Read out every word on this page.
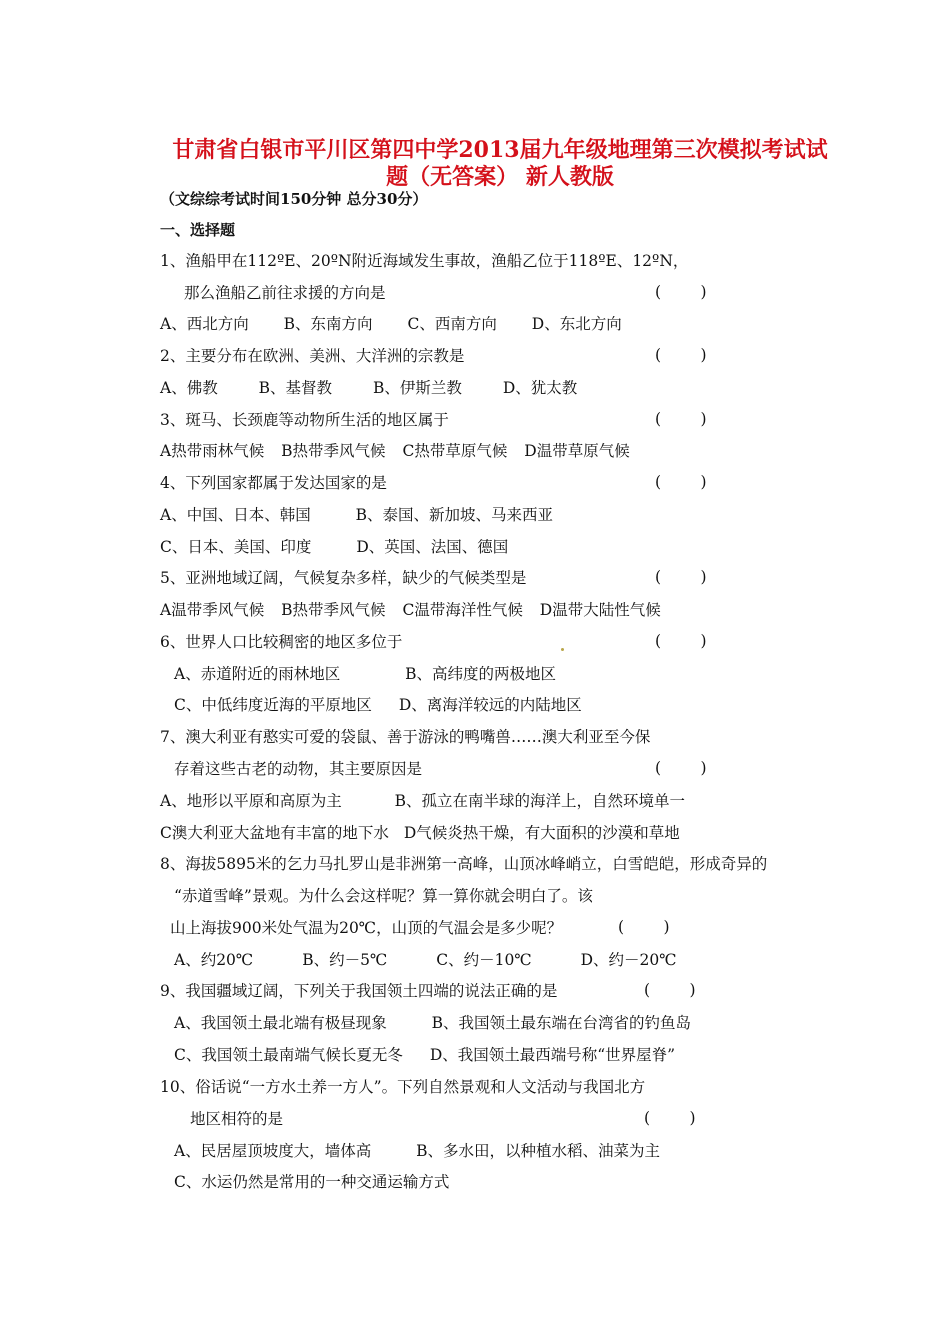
甘肃省白银市平川区第四中学2013届九年级地理第三次模拟考试试
题（无答案） 新人教版
（文综综考试时间150分钟 总分30分）
一、选择题
1、渔船甲在112ºE、20ºN附近海域发生事故，渔船乙位于118ºE、12ºN，
那么渔船乙前往求援的方向是	(        )
A、西北方向 B、东南方向 C、西南方向 D、东北方向
2、主要分布在欧洲、美洲、大洋洲的宗教是	(        )
A、佛教	B、基督教	B、伊斯兰教	D、犹太教
3、斑马、长颈鹿等动物所生活的地区属于	(        )
A热带雨林气候 B热带季风气候 C热带草原气候 D温带草原气候
4、下列国家都属于发达国家的是	(        )
A、中国、日本、韩国	B、泰国、新加坡、马来西亚
C、日本、美国、印度	D、英国、法国、德国
5、亚洲地域辽阔，气候复杂多样，缺少的气候类型是	(        )
A温带季风气候 B热带季风气候 C温带海洋性气候 D温带大陆性气候
6、世界人口比较稠密的地区多位于	(        )
A、赤道附近的雨林地区	B、高纬度的两极地区
C、中低纬度近海的平原地区 D、离海洋较远的内陆地区
7、澳大利亚有憨实可爱的袋鼠、善于游泳的鸭嘴兽……澳大利亚至今保
存着这些古老的动物，其主要原因是	(        )
A、地形以平原和高原为主	B、孤立在南半球的海洋上，自然环境单一
C澳大利亚大盆地有丰富的地下水 D气候炎热干燥，有大面积的沙漠和草地
8、海拔5895米的乞力马扎罗山是非洲第一高峰，山顶冰峰峭立，白雪皑皑，形成奇异的
“赤道雪峰”景观。为什么会这样呢？算一算你就会明白了。该
山上海拔900米处气温为20℃，山顶的气温会是多少呢？	(        )
A、约20℃	B、约－5℃	C、约－10℃	D、约－20℃
9、我国疆域辽阔，下列关于我国领土四端的说法正确的是	(        )
A、我国领土最北端有极昼现象	B、我国领土最东端在台湾省的钓鱼岛
C、我国领土最南端气候长夏无冬 D、我国领土最西端号称“世界屋脊”
10、俗话说“一方水土养一方人”。下列自然景观和人文活动与我国北方
地区相符的是	(        )
A、民居屋顶坡度大，墙体高	B、多水田，以种植水稻、油菜为主
C、水运仍然是常用的一种交通运输方式
